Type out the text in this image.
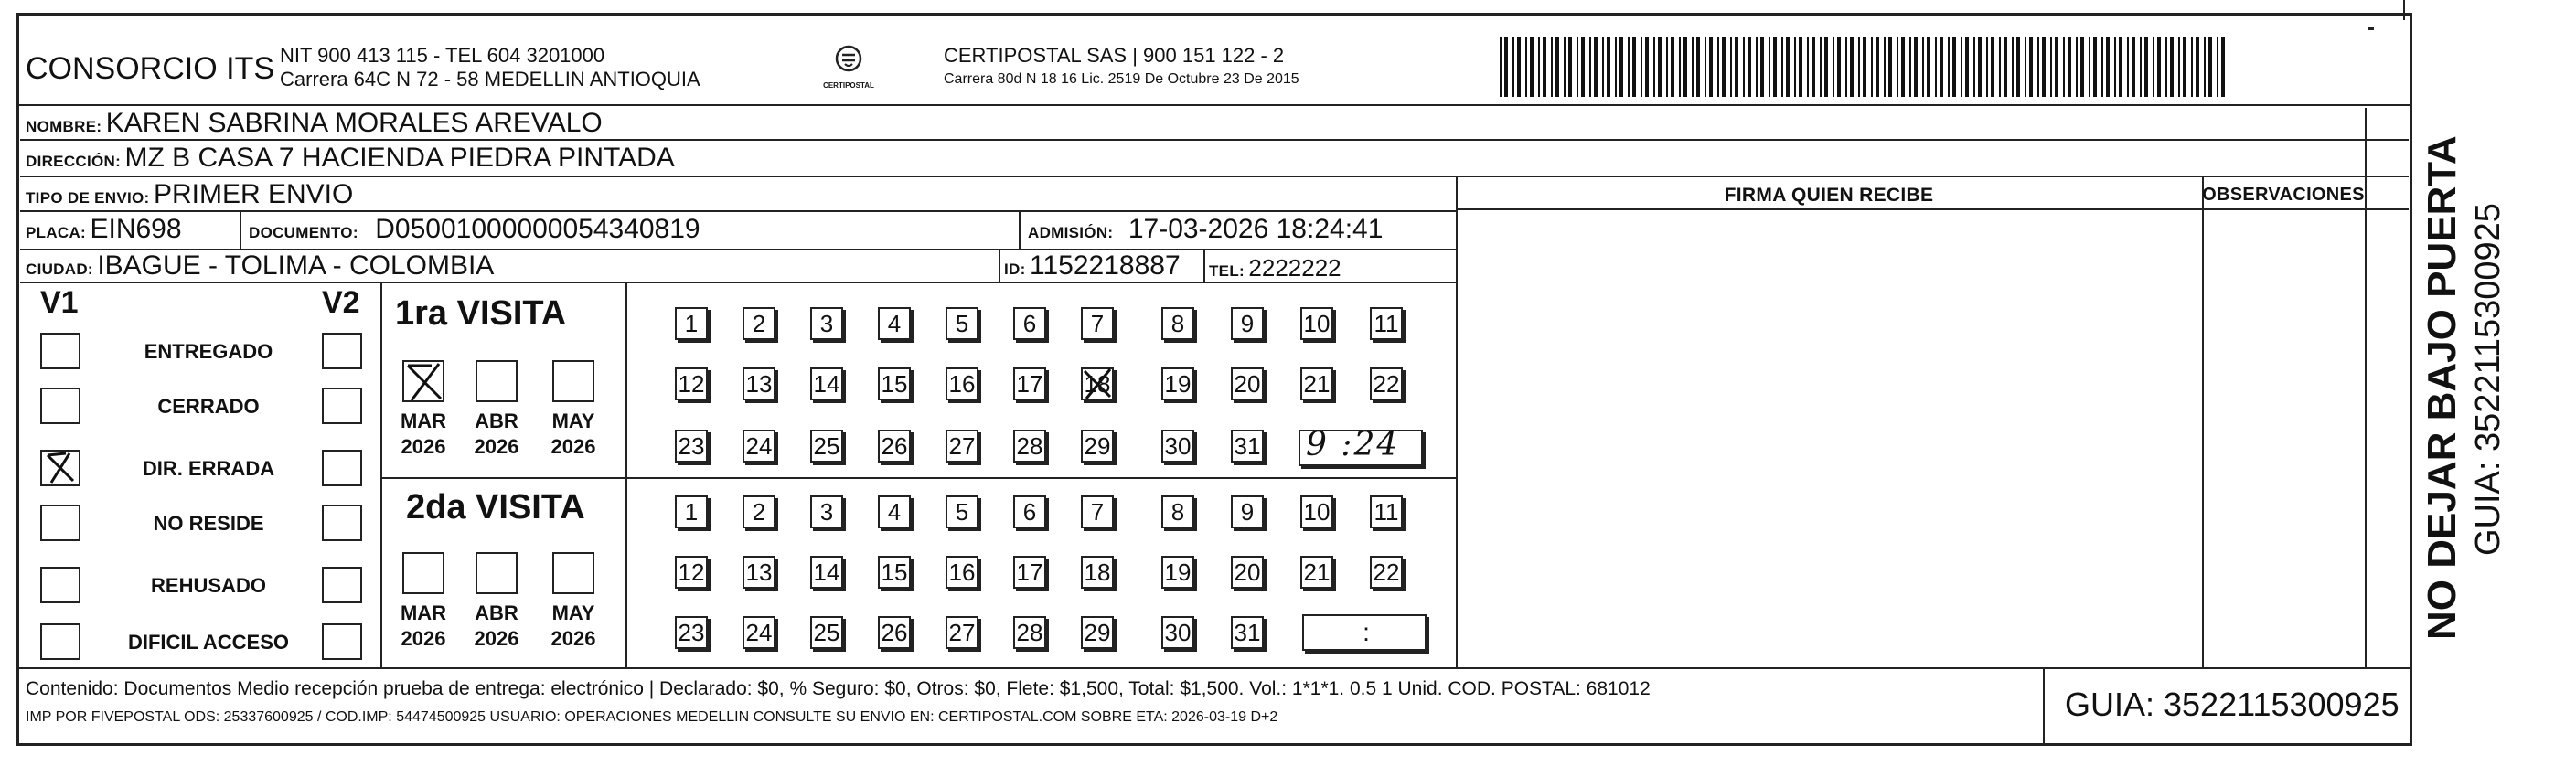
CONSORCIO ITS NIT 900 413 115 - TEL 604 3201000
Carrera 64C N 72 - 58 MEDELLIN ANTIOQUIA	CERTIPOSTAL
CERTIPOSTAL SAS | 900 151 122 - 2
Carrera 80d N 18 16 Lic. 2519 De Octubre 23 De 2015
NOMBRE: KAREN SABRINA MORALES AREVALO
DIRECCIÓN: MZ B CASA 7 HACIENDA PIEDRA PINTADA
TIPO DE ENVIO: PRIMER ENVIO	FIRMA QUIEN RECIBE	OBSERVACIONES
PLACA: EIN698	DOCUMENTO: D05001000000054340819	ADMISIÓN: 17-03-2026 18:24:41
CIUDAD: IBAGUE - TOLIMA - COLOMBIA	ID: 1152218887 TEL: 2222222
V1	V2
ENTREGADO
CERRADO
DIR. ERRADA
NO RESIDE
REHUSADO
DIFICIL ACCESO
1ra VISITA
2da VISITA
MAR
2026
ABR
2026
MAY
2026
MAR
2026
ABR
2026
MAY
2026
1	2	3	4	5	6	7	8	9	10 11
12 13 14 15 16 17 18 19 20 21 22
23 24 25 26 27 28 29 30 31
1	2	3	4	5	6	7	8	9	10 11
12 13 14 15 16 17 18 19 20 21 22
23 24 25 26 27 28 29 30 31
9 :24
:
Contenido: Documentos Medio recepción prueba de entrega: electrónico | Declarado: $0, % Seguro: $0, Otros: $0, Flete: $1,500, Total: $1,500. Vol.: 1*1*1. 0.5 1 Unid. COD. POSTAL: 681012
IMP POR FIVEPOSTAL ODS: 25337600925 / COD.IMP: 54474500925 USUARIO: OPERACIONES MEDELLIN CONSULTE SU ENVIO EN: CERTIPOSTAL.COM SOBRE ETA: 2026-03-19 D+2	GUIA: 3522115300925
NO DEJAR BAJO PUERTA GUIA: 3522115300925
